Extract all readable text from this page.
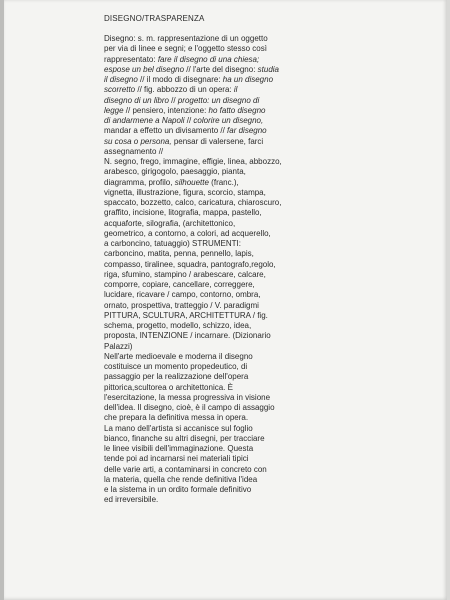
DISEGNO/TRASPARENZA
Disegno: s. m. rappresentazione di un oggetto
per via di linee e segni; e l'oggetto stesso così
rappresentato: fare il disegno di una chiesa;
espose un bel disegno // l'arte del disegno: studia
il disegno // il modo di disegnare: ha un disegno
scorretto // fig. abbozzo di un opera: il
disegno di un libro // progetto: un disegno di
legge // pensiero, intenzione: ho fatto disegno
di andarmene a Napoli // colorire un disegno,
mandar a effetto un divisamento // far disegno
su cosa o persona, pensar di valersene, farci
assegnamento //
N. segno, frego, immagine, effigie, linea, abbozzo,
arabesco, girigogolo, paesaggio, pianta,
diagramma, profilo, silhouette (franc.),
vignetta, illustrazione, figura, scorcio, stampa,
spaccato, bozzetto, calco, caricatura, chiaroscuro,
graffito, incisione, litografia, mappa, pastello,
acquaforte, silografia, (architettonico,
geometrico, a contorno, a colori, ad acquerello,
a carboncino, tatuaggio) STRUMENTI:
carboncino, matita, penna, pennello, lapis,
compasso, tiralinee, squadra, pantografo,regolo,
riga, sfumino, stampino / arabescare, calcare,
comporre, copiare, cancellare, correggere,
lucidare, ricavare / campo, contorno, ombra,
ornato, prospettiva, tratteggio / V. paradigmi
PITTURA, SCULTURA, ARCHITETTURA / fig.
schema, progetto, modello, schizzo, idea,
proposta, INTENZIONE / incarnare. (Dizionario
Palazzi)
Nell'arte medioevale e moderna il disegno
costituisce un momento propedeutico, di
passaggio per la realizzazione dell'opera
pittorica,scultorea o architettonica. È
l'esercitazione, la messa progressiva in visione
dell'idea. Il disegno, cioè, è il campo di assaggio
che prepara la definitiva messa in opera.
La mano dell'artista si accanisce sul foglio
bianco, finanche su altri disegni, per tracciare
le linee visibili dell'immaginazione. Questa
tende poi ad incarnarsi nei materiali tipici
delle varie arti, a contaminarsi in concreto con
la materia, quella che rende definitiva l'idea
e la sistema in un ordito formale definitivo
ed irreversibile.
